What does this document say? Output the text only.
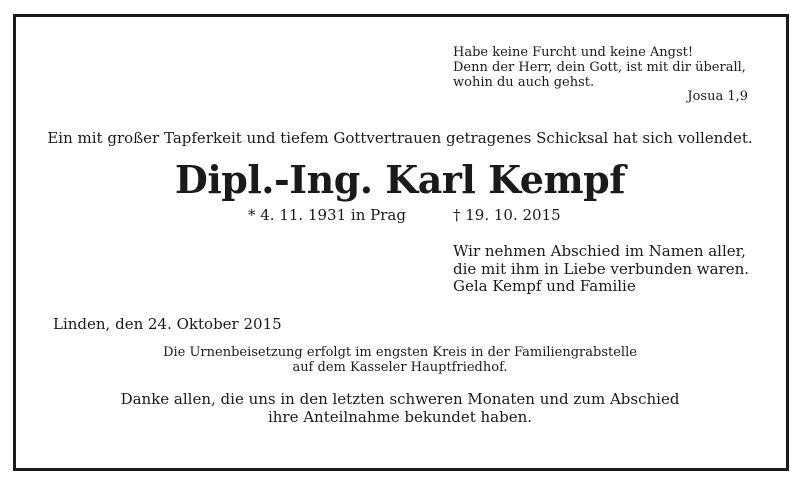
Habe keine Furcht und keine Angst!
Denn der Herr, dein Gott, ist mit dir überall,
wohin du auch gehst.
Josua 1,9
Ein mit großer Tapferkeit und tiefem Gottvertrauen getragenes Schicksal hat sich vollendet.
Dipl.-Ing. Karl Kempf
* 4. 11. 1931 in Prag	† 19. 10. 2015
Wir nehmen Abschied im Namen aller,
die mit ihm in Liebe verbunden waren.
Gela Kempf und Familie
Linden, den 24. Oktober 2015
Die Urnenbeisetzung erfolgt im engsten Kreis in der Familiengrabstelle
auf dem Kasseler Hauptfriedhof.
Danke allen, die uns in den letzten schweren Monaten und zum Abschied
ihre Anteilnahme bekundet haben.
